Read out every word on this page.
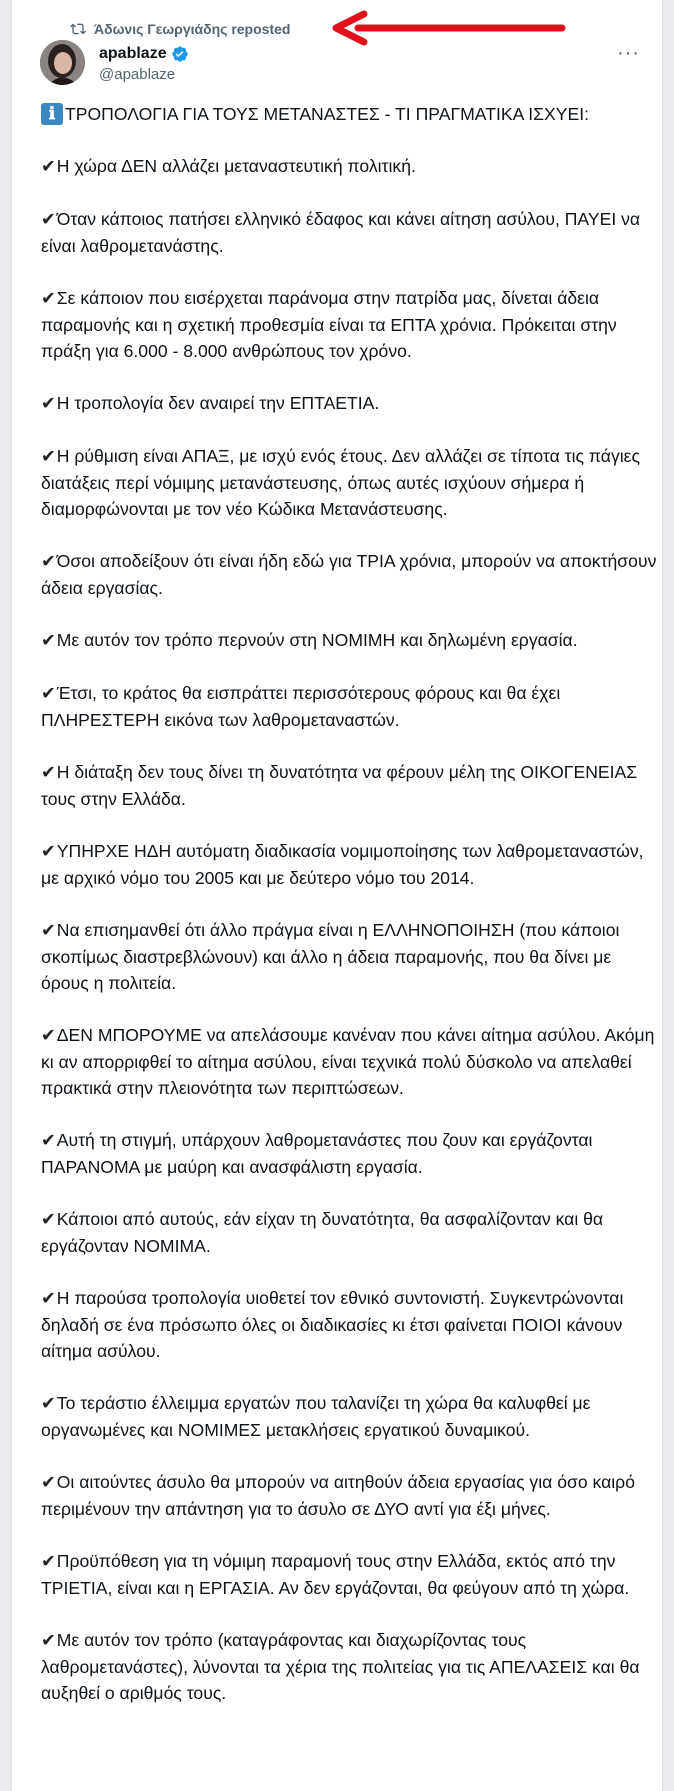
Άδωνις Γεωργιάδης reposted
apablaze
@apablaze
···
ℹ ΤΡΟΠΟΛΟΓΙΑ ΓΙΑ ΤΟΥΣ ΜΕΤΑΝΑΣΤΕΣ - ΤΙ ΠΡΑΓΜΑΤΙΚΑ ΙΣΧΥΕΙ:
✔Η χώρα ΔΕΝ αλλάζει μεταναστευτική πολιτική.
✔Όταν κάποιος πατήσει ελληνικό έδαφος και κάνει αίτηση ασύλου, ΠΑΥΕΙ να είναι λαθρομετανάστης.
✔Σε κάποιον που εισέρχεται παράνομα στην πατρίδα μας, δίνεται άδεια παραμονής και η σχετική προθεσμία είναι τα ΕΠΤΑ χρόνια. Πρόκειται στην πράξη για 6.000 - 8.000 ανθρώπους τον χρόνο.
✔Η τροπολογία δεν αναιρεί την ΕΠΤΑΕΤΙΑ.
✔Η ρύθμιση είναι ΑΠΑΞ, με ισχύ ενός έτους. Δεν αλλάζει σε τίποτα τις πάγιες διατάξεις περί νόμιμης μετανάστευσης, όπως αυτές ισχύουν σήμερα ή διαμορφώνονται με τον νέο Κώδικα Μετανάστευσης.
✔Όσοι αποδείξουν ότι είναι ήδη εδώ για ΤΡΙΑ χρόνια, μπορούν να αποκτήσουν άδεια εργασίας.
✔Με αυτόν τον τρόπο περνούν στη ΝΟΜΙΜΗ και δηλωμένη εργασία.
✔Έτσι, το κράτος θα εισπράττει περισσότερους φόρους και θα έχει ΠΛΗΡΕΣΤΕΡΗ εικόνα των λαθρομεταναστών.
✔Η διάταξη δεν τους δίνει τη δυνατότητα να φέρουν μέλη της ΟΙΚΟΓΕΝΕΙΑΣ τους στην Ελλάδα.
✔ΥΠΗΡΧΕ ΗΔΗ αυτόματη διαδικασία νομιμοποίησης των λαθρομεταναστών, με αρχικό νόμο του 2005 και με δεύτερο νόμο του 2014.
✔Να επισημανθεί ότι άλλο πράγμα είναι η ΕΛΛΗΝΟΠΟΙΗΣΗ (που κάποιοι σκοπίμως διαστρεβλώνουν) και άλλο η άδεια παραμονής, που θα δίνει με όρους η πολιτεία.
✔ΔΕΝ ΜΠΟΡΟΥΜΕ να απελάσουμε κανέναν που κάνει αίτημα ασύλου. Ακόμη κι αν απορριφθεί το αίτημα ασύλου, είναι τεχνικά πολύ δύσκολο να απελαθεί πρακτικά στην πλειονότητα των περιπτώσεων.
✔Αυτή τη στιγμή, υπάρχουν λαθρομετανάστες που ζουν και εργάζονται ΠΑΡΑΝΟΜΑ με μαύρη και ανασφάλιστη εργασία.
✔Κάποιοι από αυτούς, εάν είχαν τη δυνατότητα, θα ασφαλίζονταν και θα εργάζονταν ΝΟΜΙΜΑ.
✔Η παρούσα τροπολογία υιοθετεί τον εθνικό συντονιστή. Συγκεντρώνονται δηλαδή σε ένα πρόσωπο όλες οι διαδικασίες κι έτσι φαίνεται ΠΟΙΟΙ κάνουν αίτημα ασύλου.
✔Το τεράστιο έλλειμμα εργατών που ταλανίζει τη χώρα θα καλυφθεί με οργανωμένες και ΝΟΜΙΜΕΣ μετακλήσεις εργατικού δυναμικού.
✔Οι αιτούντες άσυλο θα μπορούν να αιτηθούν άδεια εργασίας για όσο καιρό περιμένουν την απάντηση για το άσυλο σε ΔΥΟ αντί για έξι μήνες.
✔Προϋπόθεση για τη νόμιμη παραμονή τους στην Ελλάδα, εκτός από την ΤΡΙΕΤΙΑ, είναι και η ΕΡΓΑΣΙΑ. Αν δεν εργάζονται, θα φεύγουν από τη χώρα.
✔Με αυτόν τον τρόπο (καταγράφοντας και διαχωρίζοντας τους λαθρομετανάστες), λύνονται τα χέρια της πολιτείας για τις ΑΠΕΛΑΣΕΙΣ και θα αυξηθεί ο αριθμός τους.
